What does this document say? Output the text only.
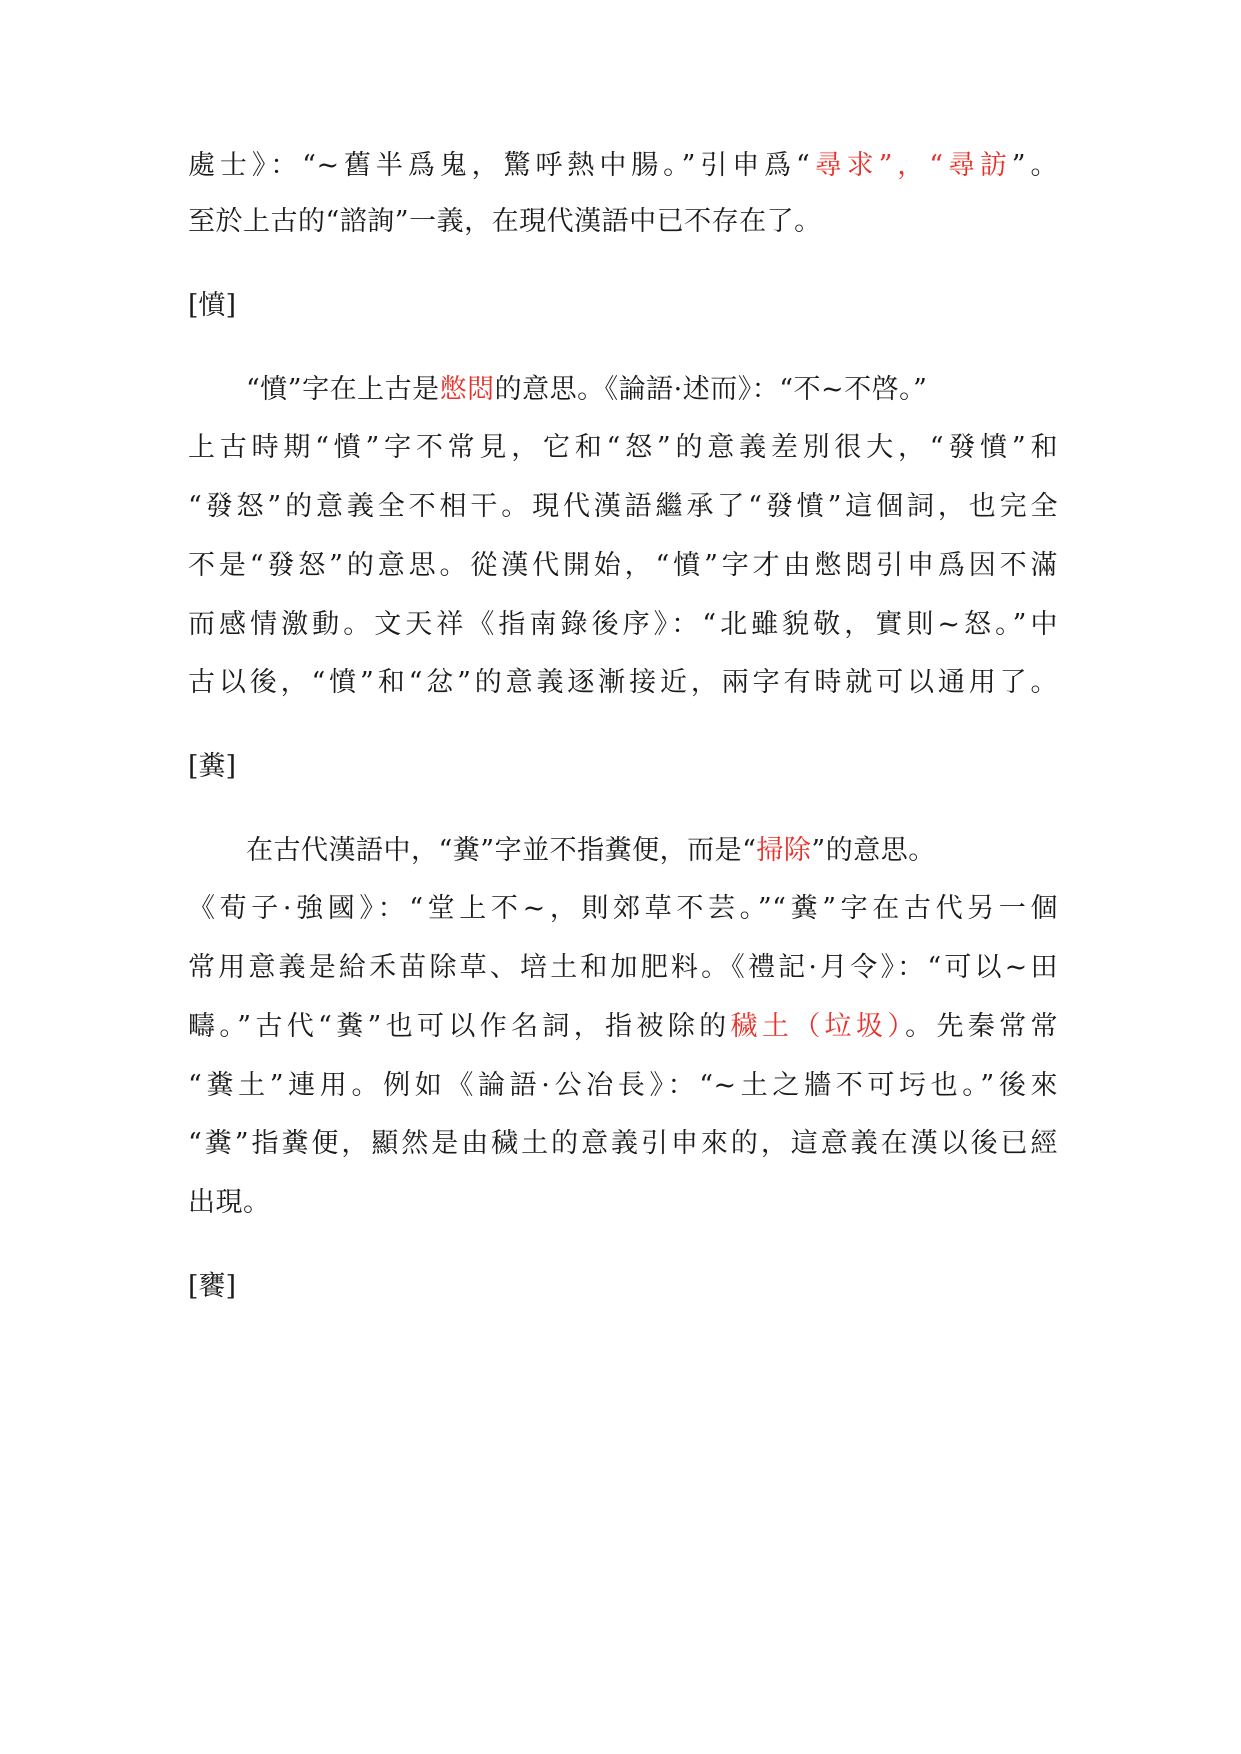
處士》：“~舊半爲鬼，驚呼熱中腸。”引申爲“尋求”，“尋訪”。
至於上古的“諮詢”一義，在現代漢語中已不存在了。
[憤]
“憤”字在上古是憋悶的意思。《論語·述而》：“不~不啓。”
上古時期“憤”字不常見，它和“怒”的意義差別很大，“發憤”和
“發怒”的意義全不相干。現代漢語繼承了“發憤”這個詞，也完全
不是“發怒”的意思。從漢代開始，“憤”字才由憋悶引申爲因不滿
而感情激動。文天祥《指南錄後序》：“北雖貌敬，實則~怒。”中
古以後，“憤”和“忿”的意義逐漸接近，兩字有時就可以通用了。
[糞]
在古代漢語中，“糞”字並不指糞便，而是“掃除”的意思。
《荀子·強國》：“堂上不~，則郊草不芸。”“糞”字在古代另一個
常用意義是給禾苗除草、培土和加肥料。《禮記·月令》：“可以~田
疇。”古代“糞”也可以作名詞，指被除的穢土（垃圾）。先秦常常
“糞土”連用。例如《論語·公冶長》：“~土之牆不可圬也。”後來
“糞”指糞便，顯然是由穢土的意義引申來的，這意義在漢以後已經
出現。
[饔]
